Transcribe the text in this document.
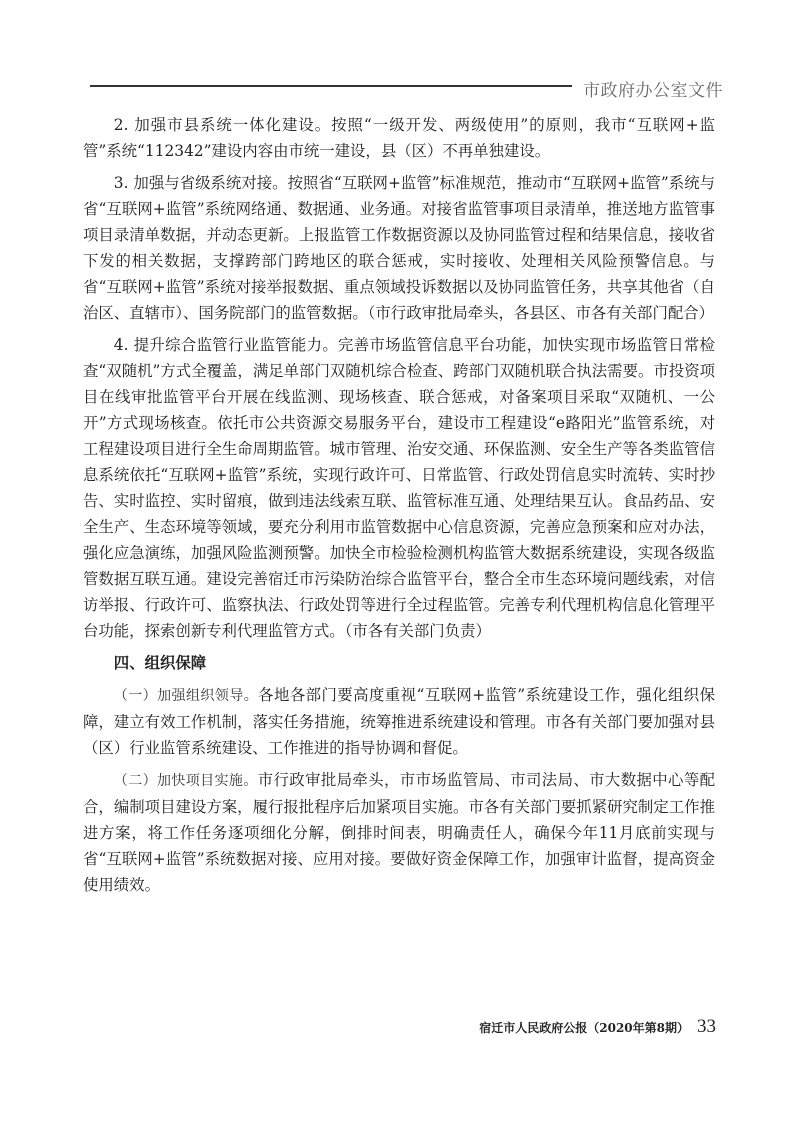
市政府办公室文件

2. 加强市县系统一体化建设。按照“一级开发、两级使用”的原则，我市“互联网+监管”系统“112342”建设内容由市统一建设，县（区）不再单独建设。

3. 加强与省级系统对接。按照省“互联网+监管”标准规范，推动市“互联网+监管”系统与省“互联网+监管”系统网络通、数据通、业务通。对接省监管事项目录清单，推送地方监管事项目录清单数据，并动态更新。上报监管工作数据资源以及协同监管过程和结果信息，接收省下发的相关数据，支撑跨部门跨地区的联合惩戒，实时接收、处理相关风险预警信息。与省“互联网+监管”系统对接举报数据、重点领域投诉数据以及协同监管任务，共享其他省（自治区、直辖市）、国务院部门的监管数据。（市行政审批局牵头，各县区、市各有关部门配合）

4. 提升综合监管行业监管能力。完善市场监管信息平台功能，加快实现市场监管日常检查“双随机”方式全覆盖，满足单部门双随机综合检查、跨部门双随机联合执法需要。市投资项目在线审批监管平台开展在线监测、现场核查、联合惩戒，对备案项目采取“双随机、一公开”方式现场核查。依托市公共资源交易服务平台，建设市工程建设“e路阳光”监管系统，对工程建设项目进行全生命周期监管。城市管理、治安交通、环保监测、安全生产等各类监管信息系统依托“互联网+监管”系统，实现行政许可、日常监管、行政处罚信息实时流转、实时抄告、实时监控、实时留痕，做到违法线索互联、监管标准互通、处理结果互认。食品药品、安全生产、生态环境等领域，要充分利用市监管数据中心信息资源，完善应急预案和应对办法，强化应急演练，加强风险监测预警。加快全市检验检测机构监管大数据系统建设，实现各级监管数据互联互通。建设完善宿迁市污染防治综合监管平台，整合全市生态环境问题线索，对信访举报、行政许可、监察执法、行政处罚等进行全过程监管。完善专利代理机构信息化管理平台功能，探索创新专利代理监管方式。（市各有关部门负责）

四、组织保障

（一）加强组织领导。各地各部门要高度重视“互联网+监管”系统建设工作，强化组织保障，建立有效工作机制，落实任务措施，统筹推进系统建设和管理。市各有关部门要加强对县（区）行业监管系统建设、工作推进的指导协调和督促。

（二）加快项目实施。市行政审批局牵头，市市场监管局、市司法局、市大数据中心等配合，编制项目建设方案，履行报批程序后加紧项目实施。市各有关部门要抓紧研究制定工作推进方案，将工作任务逐项细化分解，倒排时间表，明确责任人，确保今年11月底前实现与省“互联网+监管”系统数据对接、应用对接。要做好资金保障工作，加强审计监督，提高资金使用绩效。

宿迁市人民政府公报（2020年第8期） 33
